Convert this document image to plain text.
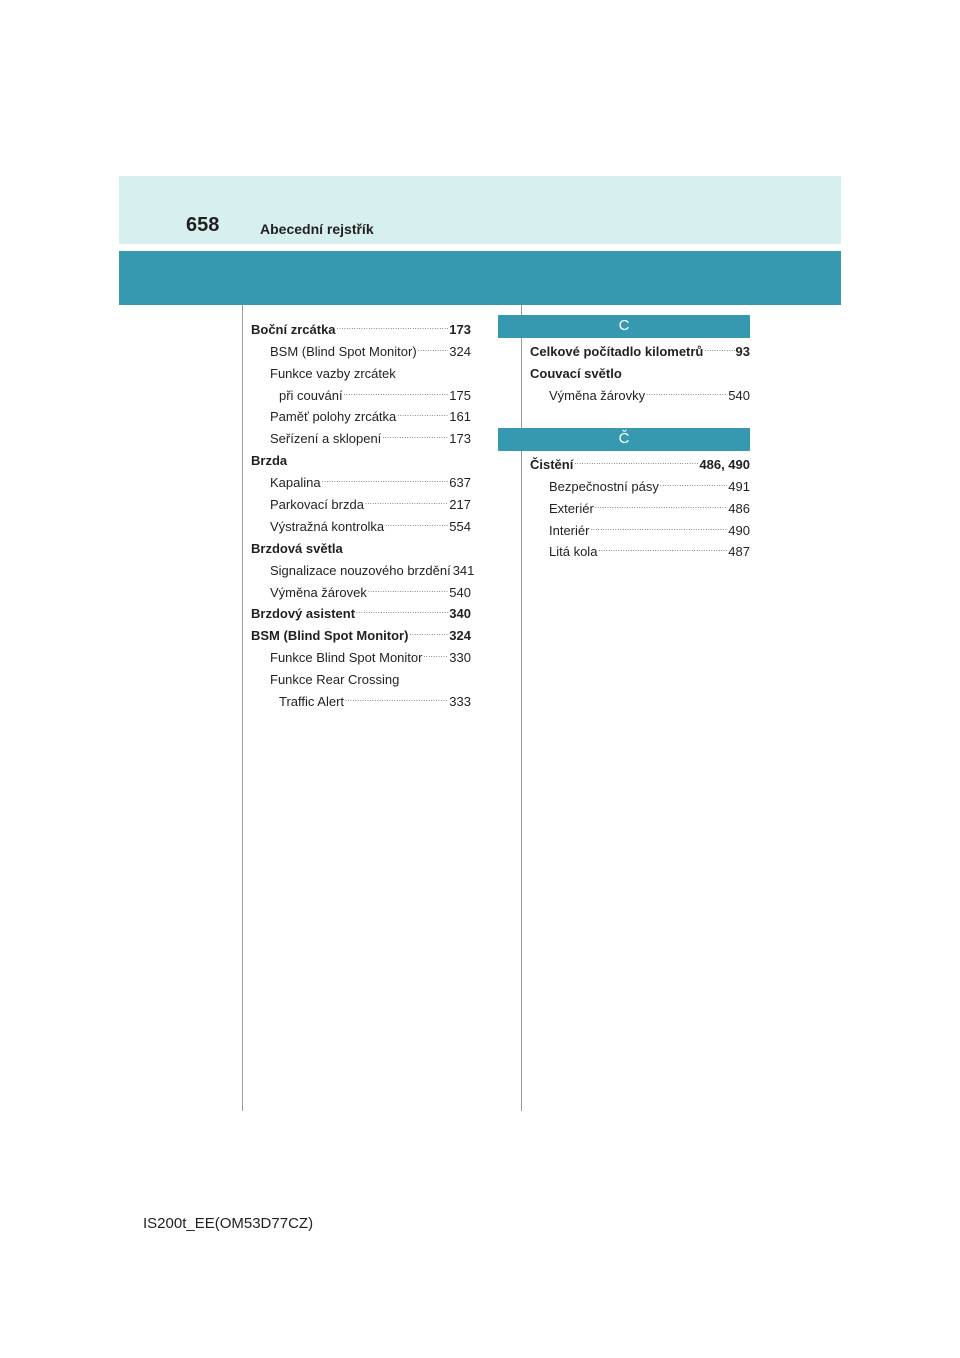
658	Abecední rejstřík
Boční zrcátka .....	173
BSM (Blind Spot Monitor) .....	324
Funkce vazby zrcátek
při couvání .....	175
Paměť polohy zrcátka .....	161
Seřízení a sklopení .....	173
Brzda
Kapalina .....	637
Parkovací brzda .....	217
Výstražná kontrolka .....	554
Brzdová světla
Signalizace nouzového brzdění 341
Výměna žárovek .....	540
Brzdový asistent .....	340
BSM (Blind Spot Monitor) .....	324
Funkce Blind Spot Monitor ..... 330
Funkce Rear Crossing
Traffic Alert .....	333
C
Celkové počítadlo kilometrů ..... 93
Couvací světlo
Výměna žárovky .....	540
Č
Čistění .....	486, 490
Bezpečnostní pásy .....	491
Exteriér .....	486
Interiér .....	490
Litá kola .....	487
IS200t_EE(OM53D77CZ)
